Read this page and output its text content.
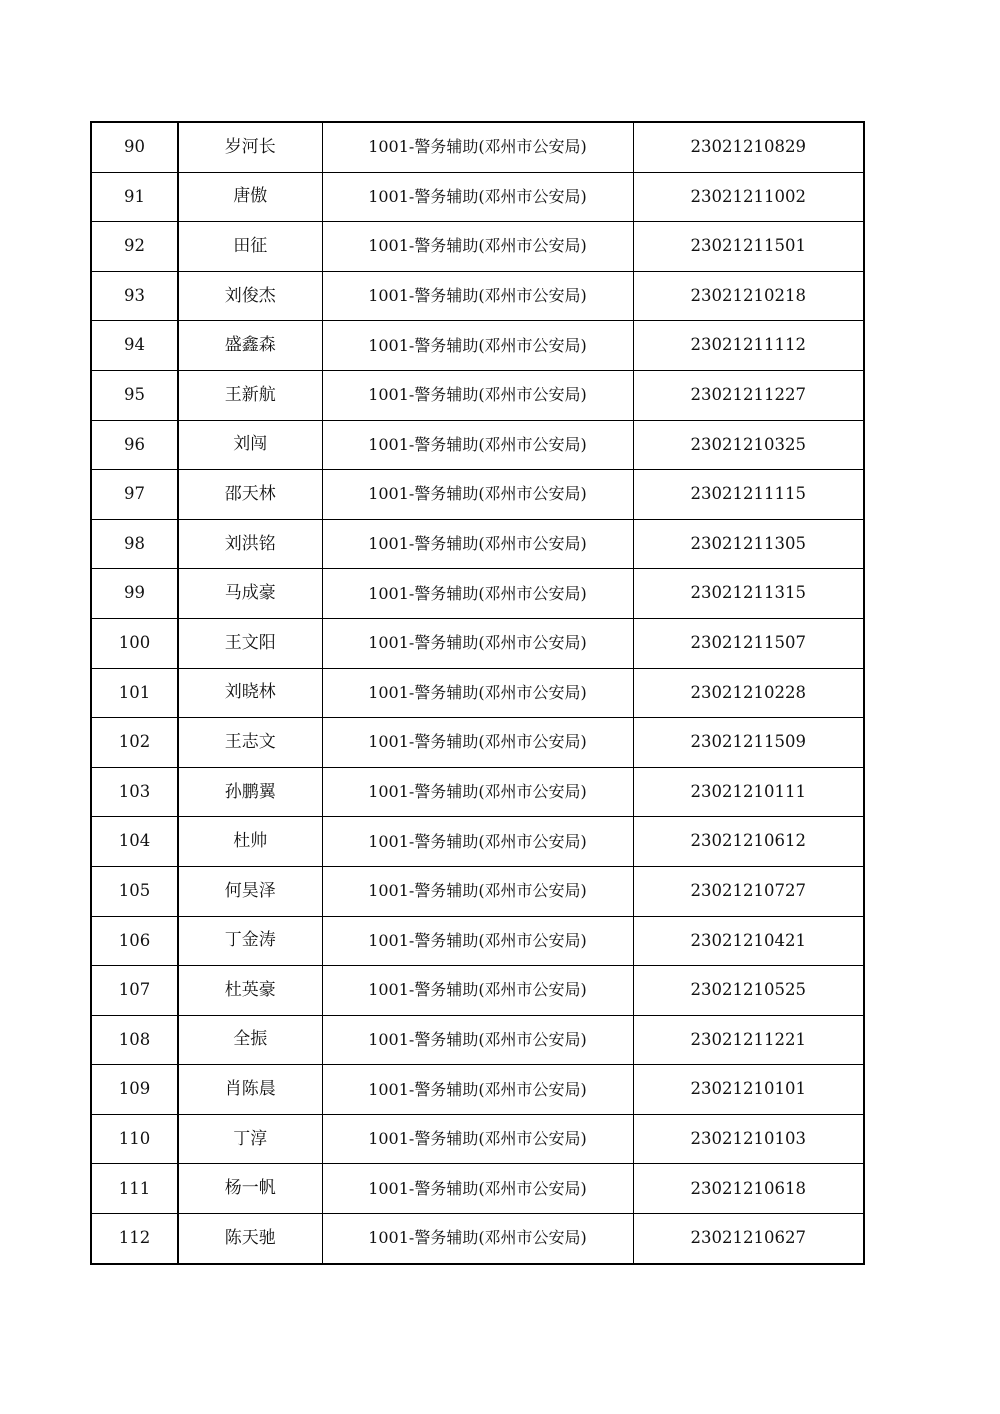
90	岁河长	1001-警务辅助(邓州市公安局)	23021210829
91	唐傲	1001-警务辅助(邓州市公安局)	23021211002
92	田征	1001-警务辅助(邓州市公安局)	23021211501
93	刘俊杰	1001-警务辅助(邓州市公安局)	23021210218
94	盛鑫森	1001-警务辅助(邓州市公安局)	23021211112
95	王新航	1001-警务辅助(邓州市公安局)	23021211227
96	刘闯	1001-警务辅助(邓州市公安局)	23021210325
97	邵天林	1001-警务辅助(邓州市公安局)	23021211115
98	刘洪铭	1001-警务辅助(邓州市公安局)	23021211305
99	马成豪	1001-警务辅助(邓州市公安局)	23021211315
100	王文阳	1001-警务辅助(邓州市公安局)	23021211507
101	刘晓林	1001-警务辅助(邓州市公安局)	23021210228
102	王志文	1001-警务辅助(邓州市公安局)	23021211509
103	孙鹏翼	1001-警务辅助(邓州市公安局)	23021210111
104	杜帅	1001-警务辅助(邓州市公安局)	23021210612
105	何昊泽	1001-警务辅助(邓州市公安局)	23021210727
106	丁金涛	1001-警务辅助(邓州市公安局)	23021210421
107	杜英豪	1001-警务辅助(邓州市公安局)	23021210525
108	全振	1001-警务辅助(邓州市公安局)	23021211221
109	肖陈晨	1001-警务辅助(邓州市公安局)	23021210101
110	丁淳	1001-警务辅助(邓州市公安局)	23021210103
111	杨一帆	1001-警务辅助(邓州市公安局)	23021210618
112	陈天驰	1001-警务辅助(邓州市公安局)	23021210627
